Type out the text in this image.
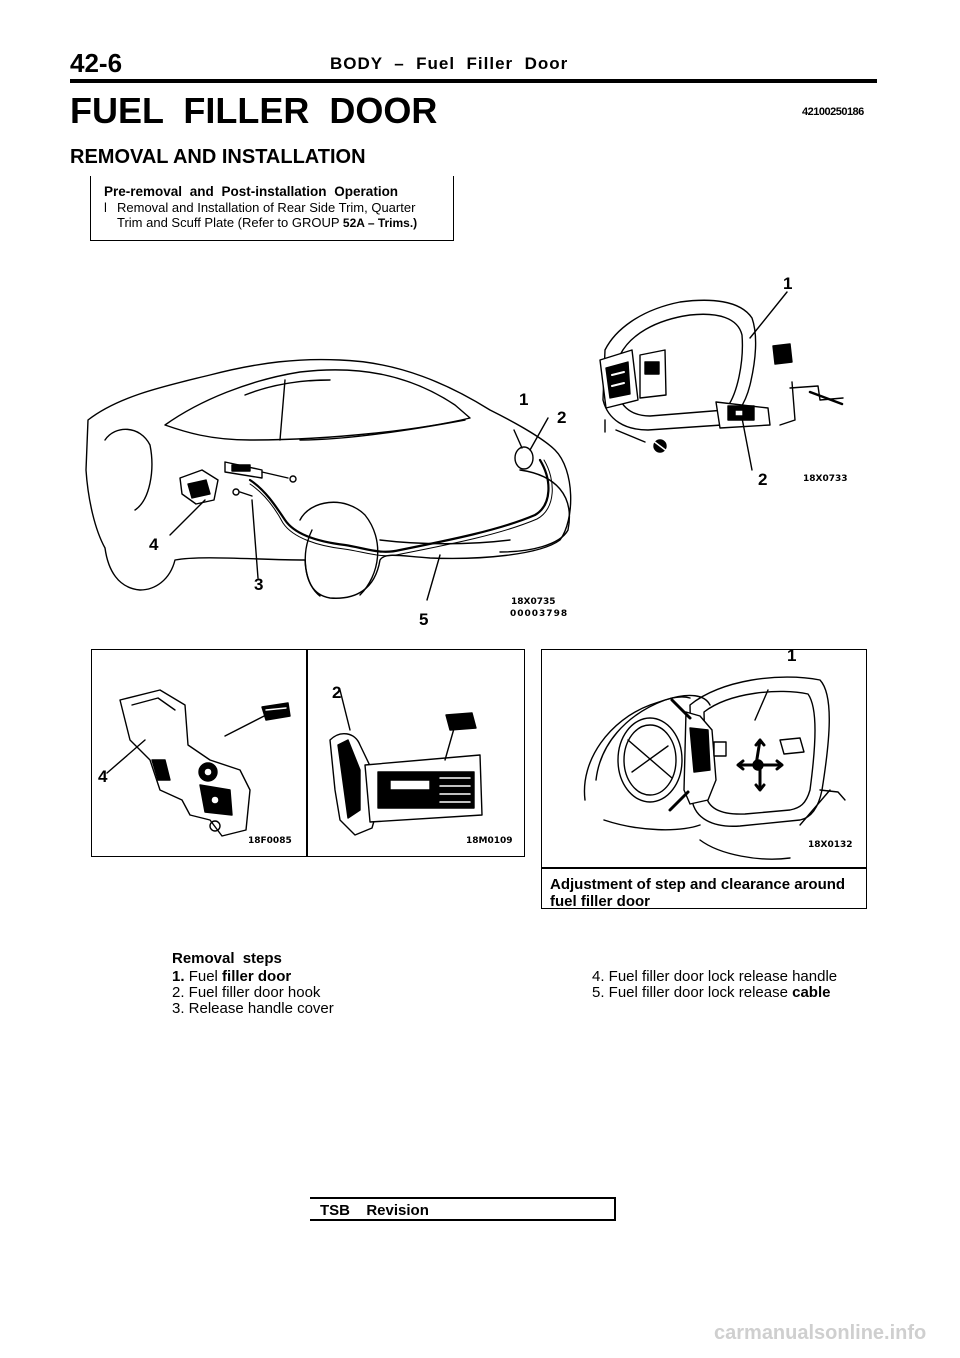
42-6	BODY  –  Fuel  Filler  Door
FUEL  FILLER  DOOR	42100250186
REMOVAL AND INSTALLATION
Pre-removal and Post-installation Operation
l Removal and Installation of Rear Side Trim, Quarter
Trim and Scuff Plate (Refer to GROUP 52A – Trims.)
1
2
4
3
5
18X0735
00003798
1
2	18X0733
4
18F0085
2
18M0109
1
18X0132
Adjustment of step and clearance around
fuel filler door
Removal steps
1. Fuel filler door
2. Fuel filler door hook
3. Release handle cover
4. Fuel filler door lock release handle
5. Fuel filler door lock release cable
TSB  Revision
carmanualsonline.info
